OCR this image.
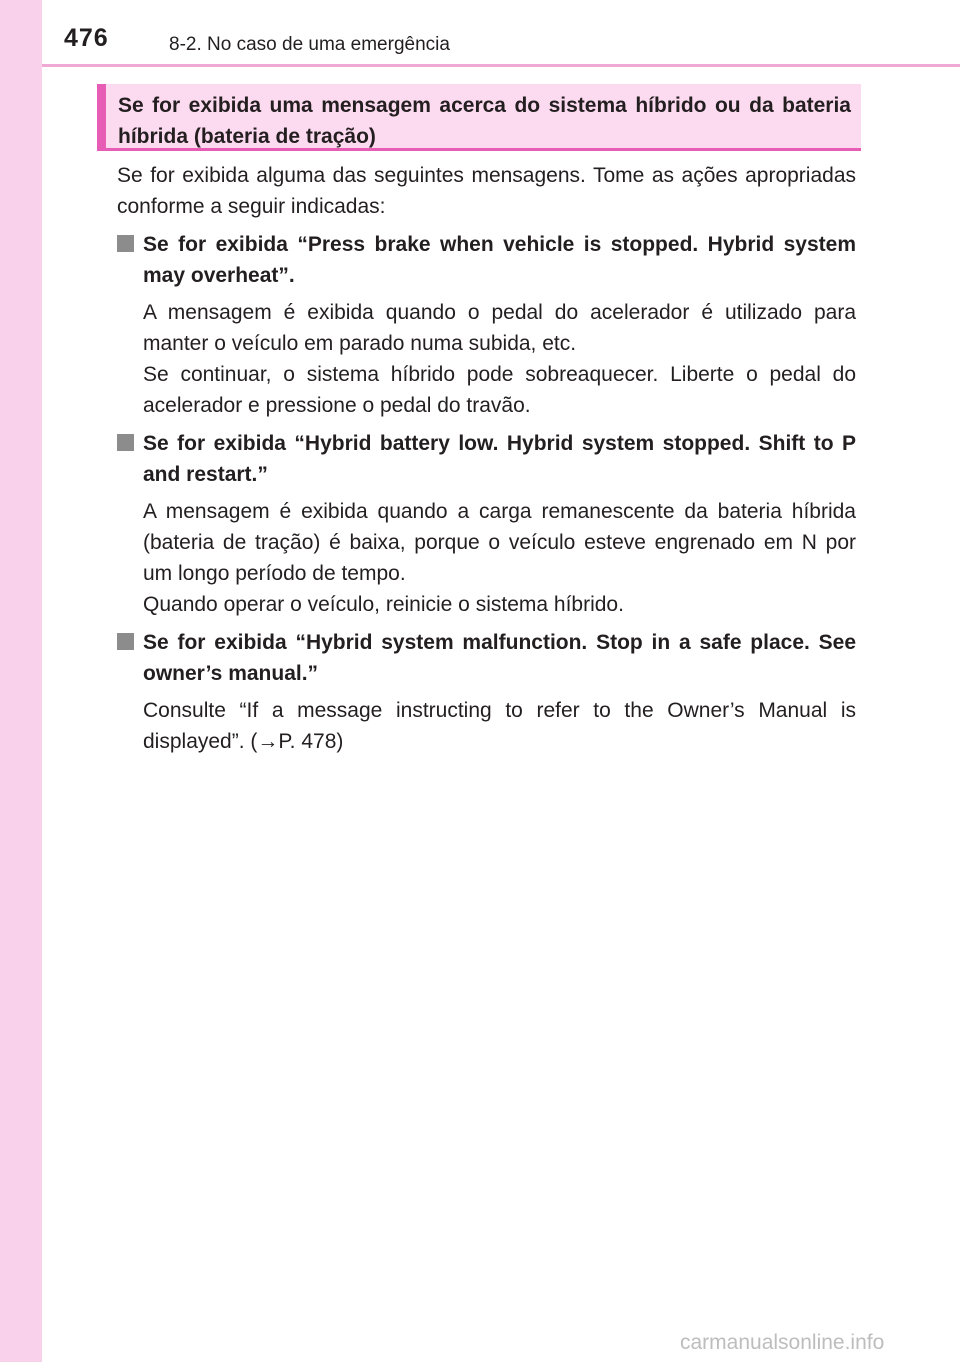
476	8-2. No caso de uma emergência
Se for exibida uma mensagem acerca do sistema híbrido ou da bateria híbrida (bateria de tração)
Se for exibida alguma das seguintes mensagens. Tome as ações apropriadas conforme a seguir indicadas:
Se for exibida “Press brake when vehicle is stopped. Hybrid system may overheat”.

A mensagem é exibida quando o pedal do acelerador é utilizado para manter o veículo em parado numa subida, etc.

Se continuar, o sistema híbrido pode sobreaquecer. Liberte o pedal do acelerador e pressione o pedal do travão.

Se for exibida “Hybrid battery low. Hybrid system stopped. Shift to P and restart.”

A mensagem é exibida quando a carga remanescente da bateria híbrida (bateria de tração) é baixa, porque o veículo esteve engrenado em N por um longo período de tempo.

Quando operar o veículo, reinicie o sistema híbrido.

Se for exibida “Hybrid system malfunction. Stop in a safe place. See owner’s manual.”

Consulte “If a message instructing to refer to the Owner’s Manual is displayed”. (→P. 478)

carmanualsonline.info
